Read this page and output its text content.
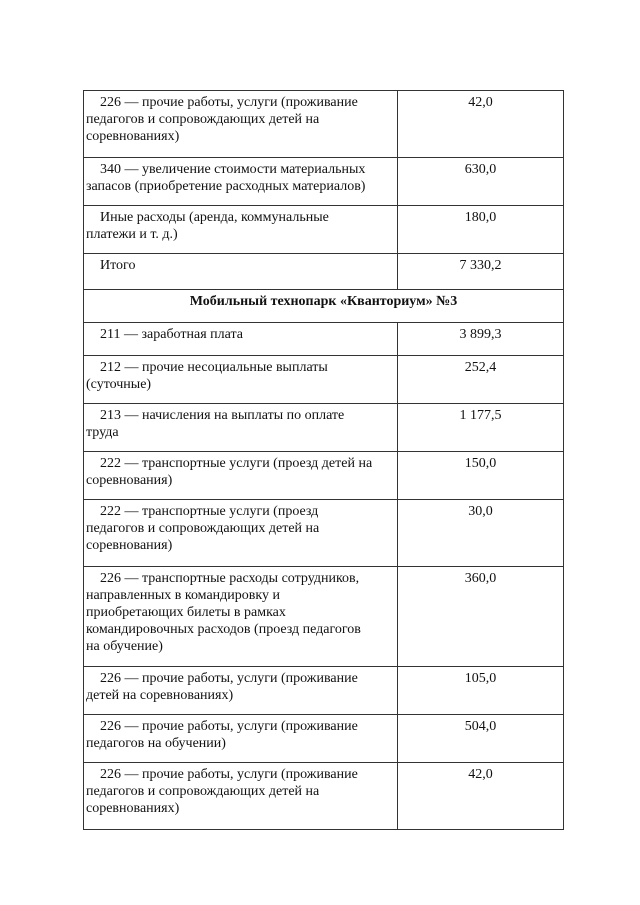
226 — прочие работы, услуги (проживание
педагогов и сопровождающих детей на
соревнованиях)	42,0
340 — увеличение стоимости материальных
запасов (приобретение расходных материалов)	630,0
Иные расходы (аренда, коммунальные
платежи и т. д.)	180,0
Итого	7 330,2
Мобильный технопарк «Кванториум» №3	
211 — заработная плата	3 899,3
212 — прочие несоциальные выплаты
(суточные)	252,4
213 — начисления на выплаты по оплате
труда	1 177,5
222 — транспортные услуги (проезд детей на
соревнования)	150,0
222 — транспортные услуги (проезд
педагогов и сопровождающих детей на
соревнования)	30,0
226 — транспортные расходы сотрудников,
направленных в командировку и
приобретающих билеты в рамках
командировочных расходов (проезд педагогов
на обучение)	360,0
226 — прочие работы, услуги (проживание
детей на соревнованиях)	105,0
226 — прочие работы, услуги (проживание
педагогов на обучении)	504,0
226 — прочие работы, услуги (проживание
педагогов и сопровождающих детей на
соревнованиях)	42,0
